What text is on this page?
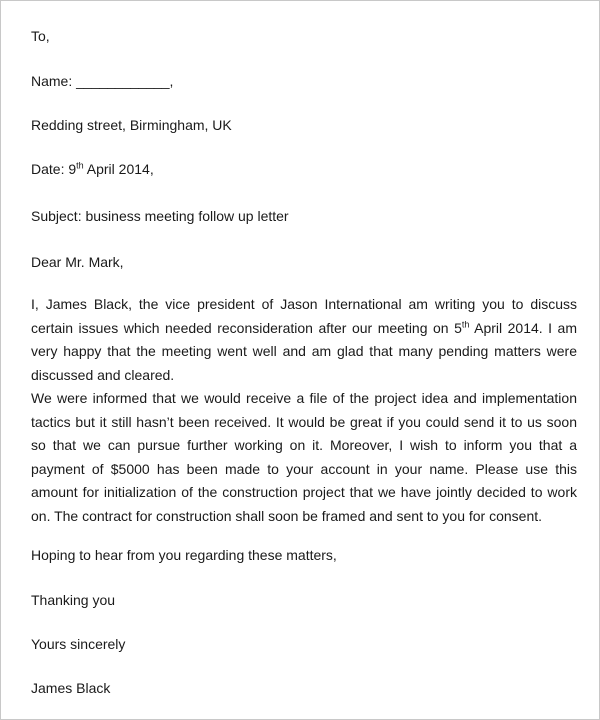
To,
Name: ____________,
Redding street, Birmingham, UK
Date: 9th April 2014,
Subject: business meeting follow up letter
Dear Mr. Mark,

I, James Black, the vice president of Jason International am writing you to discuss certain issues which needed reconsideration after our meeting on 5th April 2014. I am very happy that the meeting went well and am glad that many pending matters were discussed and cleared.

We were informed that we would receive a file of the project idea and implementation tactics but it still hasn’t been received. It would be great if you could send it to us soon so that we can pursue further working on it. Moreover, I wish to inform you that a payment of $5000 has been made to your account in your name. Please use this amount for initialization of the construction project that we have jointly decided to work on. The contract for construction shall soon be framed and sent to you for consent.

Hoping to hear from you regarding these matters,
Thanking you
Yours sincerely
James Black
